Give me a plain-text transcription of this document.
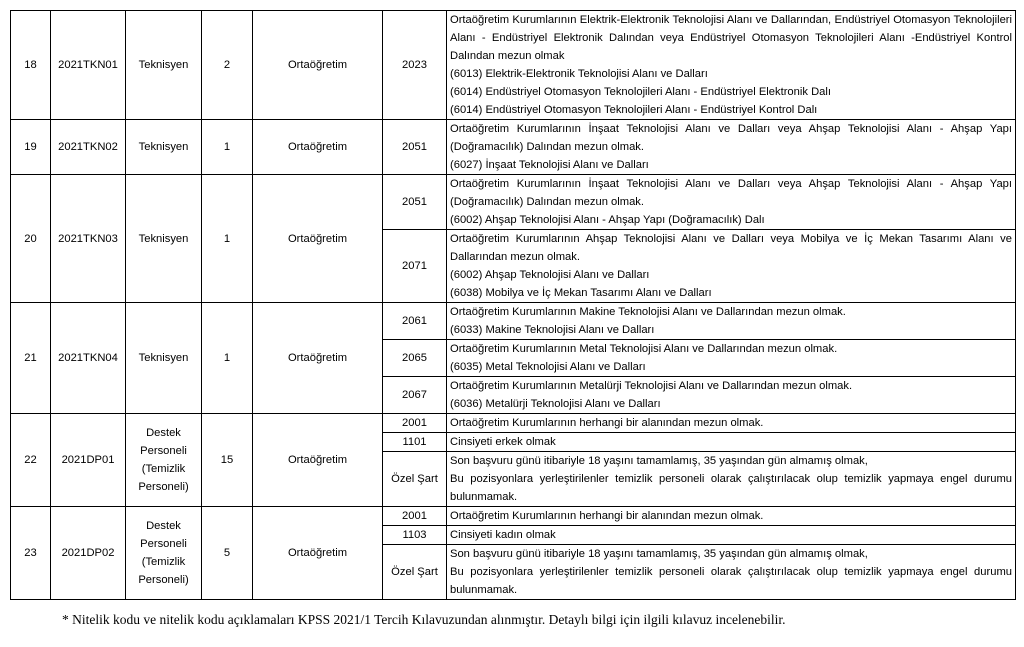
18	2021TKN01	Teknisyen	2	Ortaöğretim	2023	Ortaöğretim Kurumlarının Elektrik-Elektronik Teknolojisi Alanı ve Dallarından, Endüstriyel Otomasyon Teknolojileri Alanı - Endüstriyel Elektronik Dalından veya Endüstriyel Otomasyon Teknolojileri Alanı -Endüstriyel Kontrol Dalından mezun olmak
(6013) Elektrik-Elektronik Teknolojisi Alanı ve Dalları
(6014) Endüstriyel Otomasyon Teknolojileri Alanı - Endüstriyel Elektronik Dalı
(6014) Endüstriyel Otomasyon Teknolojileri Alanı - Endüstriyel Kontrol Dalı

19	2021TKN02	Teknisyen	1	Ortaöğretim	2051	Ortaöğretim Kurumlarının İnşaat Teknolojisi Alanı ve Dalları veya Ahşap Teknolojisi Alanı - Ahşap Yapı (Doğramacılık) Dalından mezun olmak.
(6027) İnşaat Teknolojisi Alanı ve Dalları

20	2021TKN03	Teknisyen	1	Ortaöğretim	2051	Ortaöğretim Kurumlarının İnşaat Teknolojisi Alanı ve Dalları veya Ahşap Teknolojisi Alanı - Ahşap Yapı (Doğramacılık) Dalından mezun olmak.
(6002) Ahşap Teknolojisi Alanı - Ahşap Yapı (Doğramacılık) Dalı

					2071	Ortaöğretim Kurumlarının Ahşap Teknolojisi Alanı ve Dalları veya Mobilya ve İç Mekan Tasarımı Alanı ve Dallarından mezun olmak.
(6002) Ahşap Teknolojisi Alanı ve Dalları
(6038) Mobilya ve İç Mekan Tasarımı Alanı ve Dalları

21	2021TKN04	Teknisyen	1	Ortaöğretim	2061	Ortaöğretim Kurumlarının Makine Teknolojisi Alanı ve Dallarından mezun olmak.
(6033) Makine Teknolojisi Alanı ve Dalları

					2065	Ortaöğretim Kurumlarının Metal Teknolojisi Alanı ve Dallarından mezun olmak.
(6035) Metal Teknolojisi Alanı ve Dalları

					2067	Ortaöğretim Kurumlarının Metalürji Teknolojisi Alanı ve Dallarından mezun olmak.
(6036) Metalürji Teknolojisi Alanı ve Dalları

22	2021DP01	Destek
Personeli
(Temizlik
Personeli)	15	Ortaöğretim	2001	Ortaöğretim Kurumlarının herhangi bir alanından mezun olmak.

					1101	Cinsiyeti erkek olmak

					Özel Şart	Son başvuru günü itibariyle 18 yaşını tamamlamış, 35 yaşından gün almamış olmak,
Bu pozisyonlara yerleştirilenler temizlik personeli olarak çalıştırılacak olup temizlik yapmaya engel durumu bulunmamak.

23	2021DP02	Destek
Personeli
(Temizlik
Personeli)	5	Ortaöğretim	2001	Ortaöğretim Kurumlarının herhangi bir alanından mezun olmak.

					1103	Cinsiyeti kadın olmak

					Özel Şart	Son başvuru günü itibariyle 18 yaşını tamamlamış, 35 yaşından gün almamış olmak,
Bu pozisyonlara yerleştirilenler temizlik personeli olarak çalıştırılacak olup temizlik yapmaya engel durumu bulunmamak.
* Nitelik kodu ve nitelik kodu açıklamaları KPSS 2021/1 Tercih Kılavuzundan alınmıştır. Detaylı bilgi için ilgili kılavuz incelenebilir.
